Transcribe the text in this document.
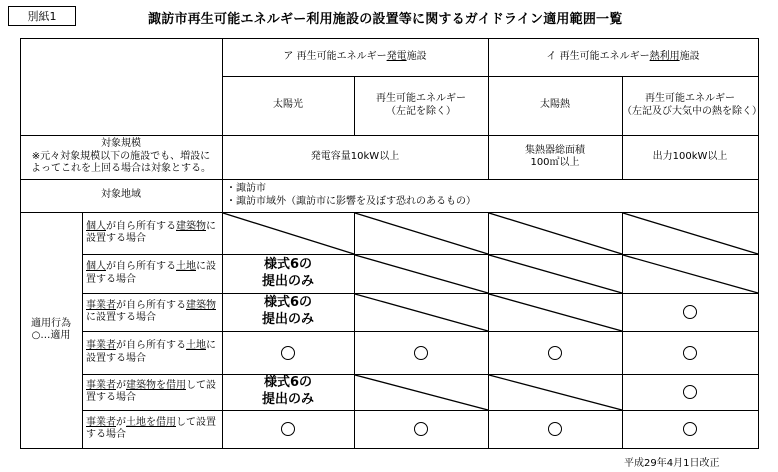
別紙1	諏訪市再生可能エネルギー利用施設の設置等に関するガイドライン適用範囲一覧
ア 再生可能エネルギー 発電 施設	イ 再生可能エネルギー 熱利用 施設
太陽光
再生可能エネルギー
（左記を除く）
太陽熱
再生可能エネルギー
（左記及び大気中の熱を除く）
対象規模
※元々対象規模以下の施設でも、増設に
よってこれを上回る場合は対象とする。
発電容量10kW以上
集熱器総面積
100㎡以上
出力100kW以上
対象地域
・諏訪市
・諏訪市域外（諏訪市に影響を及ぼす恐れのあるもの）
適用行為
○…適用
個人が自ら所有する建築物に設置する場合
個人が自ら所有する土地に設置する場合
事業者が自ら所有する建築物に設置する場合
事業者が自ら所有する土地に設置する場合
事業者が建築物を借用して設置する場合
事業者が土地を借用して設置する場合
様式6の
提出のみ
様式6の
提出のみ
様式6の
提出のみ
平成29年4月1日改正
